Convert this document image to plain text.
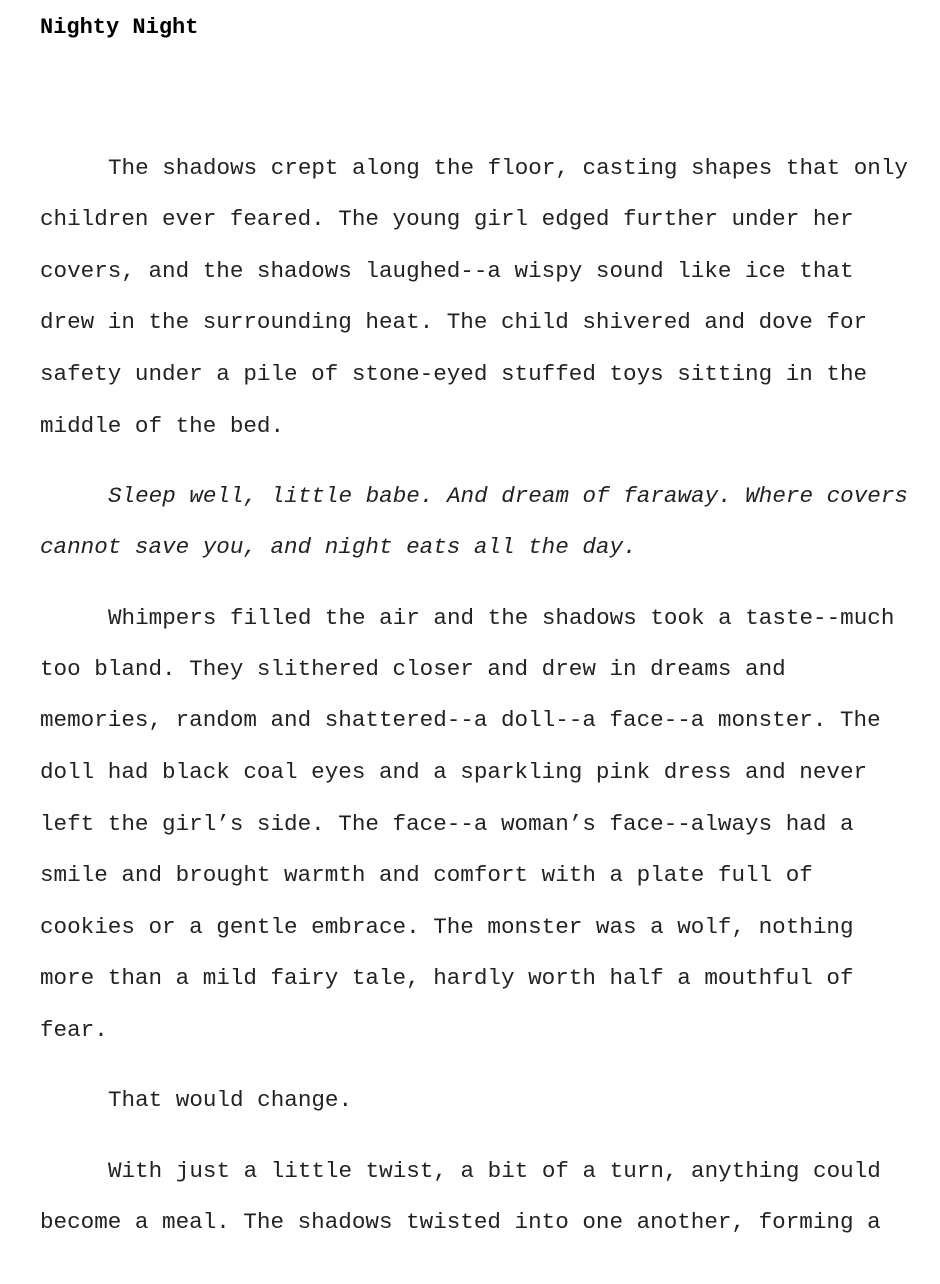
Nighty Night

The shadows crept along the floor, casting shapes that only

children ever feared. The young girl edged further under her

covers, and the shadows laughed--a wispy sound like ice that

drew in the surrounding heat. The child shivered and dove for

safety under a pile of stone-eyed stuffed toys sitting in the

middle of the bed.

Sleep well, little babe. And dream of faraway. Where covers

cannot save you, and night eats all the day.

Whimpers filled the air and the shadows took a taste--much

too bland. They slithered closer and drew in dreams and

memories, random and shattered--a doll--a face--a monster. The

doll had black coal eyes and a sparkling pink dress and never

left the girl’s side. The face--a woman’s face--always had a

smile and brought warmth and comfort with a plate full of

cookies or a gentle embrace. The monster was a wolf, nothing

more than a mild fairy tale, hardly worth half a mouthful of

fear.

That would change.

With just a little twist, a bit of a turn, anything could

become a meal. The shadows twisted into one another, forming a
